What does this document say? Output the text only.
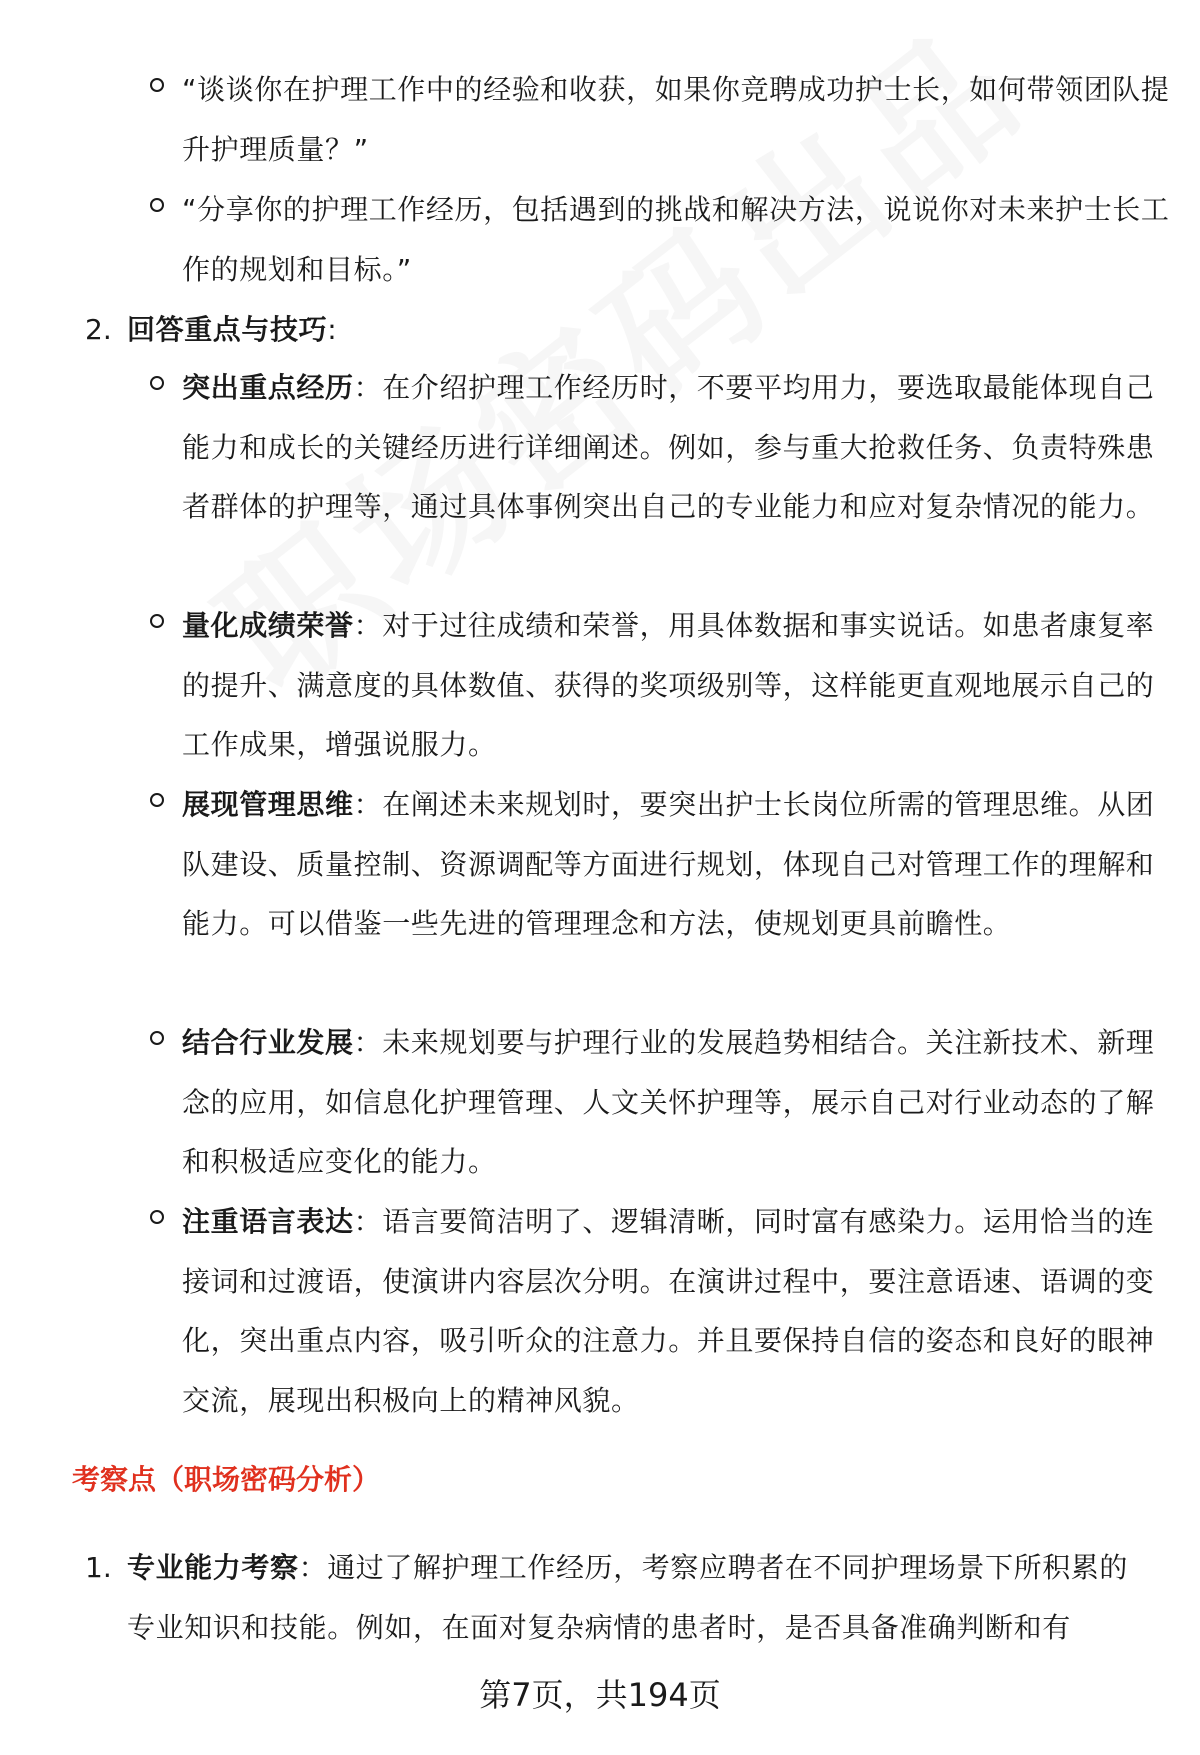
“谈谈你在护理工作中的经验和收获，如果你竞聘成功护士长，如何带领团队提升护理质量？”
“分享你的护理工作经历，包括遇到的挑战和解决方法，说说你对未来护士长工作的规划和目标。”
2. 回答重点与技巧:
突出重点经历：在介绍护理工作经历时，不要平均用力，要选取最能体现自己能力和成长的关键经历进行详细阐述。例如，参与重大抢救任务、负责特殊患者群体的护理等，通过具体事例突出自己的专业能力和应对复杂情况的能力。
量化成绩荣誉：对于过往成绩和荣誉，用具体数据和事实说话。如患者康复率的提升、满意度的具体数值、获得的奖项级别等，这样能更直观地展示自己的工作成果，增强说服力。
展现管理思维：在阐述未来规划时，要突出护士长岗位所需的管理思维。从团队建设、质量控制、资源调配等方面进行规划，体现自己对管理工作的理解和能力。可以借鉴一些先进的管理理念和方法，使规划更具前瞻性。
结合行业发展：未来规划要与护理行业的发展趋势相结合。关注新技术、新理念的应用，如信息化护理管理、人文关怀护理等，展示自己对行业动态的了解和积极适应变化的能力。
注重语言表达：语言要简洁明了、逻辑清晰，同时富有感染力。运用恰当的连接词和过渡语，使演讲内容层次分明。在演讲过程中，要注意语速、语调的变化，突出重点内容，吸引听众的注意力。并且要保持自信的姿态和良好的眼神交流，展现出积极向上的精神风貌。
考察点（职场密码分析）
1. 专业能力考察：通过了解护理工作经历，考察应聘者在不同护理场景下所积累的专业知识和技能。例如，在面对复杂病情的患者时，是否具备准确判断和有
第7页，共194页
